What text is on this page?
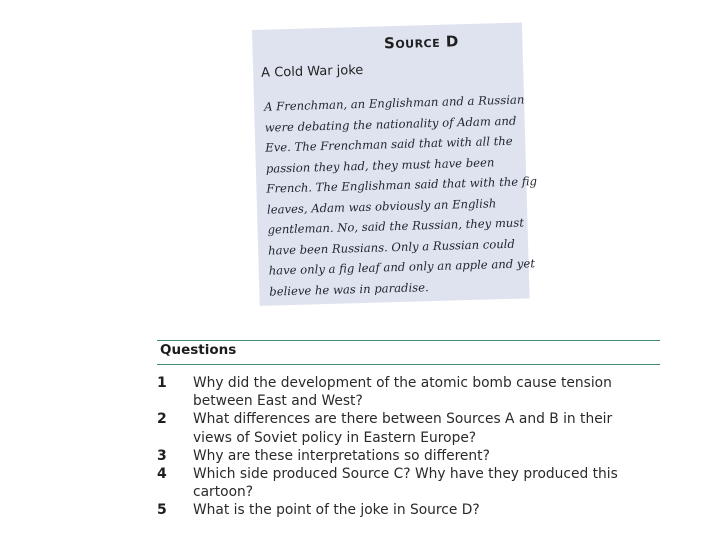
Source D
A Cold War joke
A Frenchman, an Englishman and a Russian
were debating the nationality of Adam and
Eve. The Frenchman said that with all the
passion they had, they must have been
French. The Englishman said that with the fig
leaves, Adam was obviously an English
gentleman. No, said the Russian, they must
have been Russians. Only a Russian could
have only a fig leaf and only an apple and yet
believe he was in paradise.
Questions
1	Why did the development of the atomic bomb cause tension
between East and West?
2	What differences are there between Sources A and B in their
views of Soviet policy in Eastern Europe?
3	Why are these interpretations so different?
4	Which side produced Source C? Why have they produced this
cartoon?
5	What is the point of the joke in Source D?
